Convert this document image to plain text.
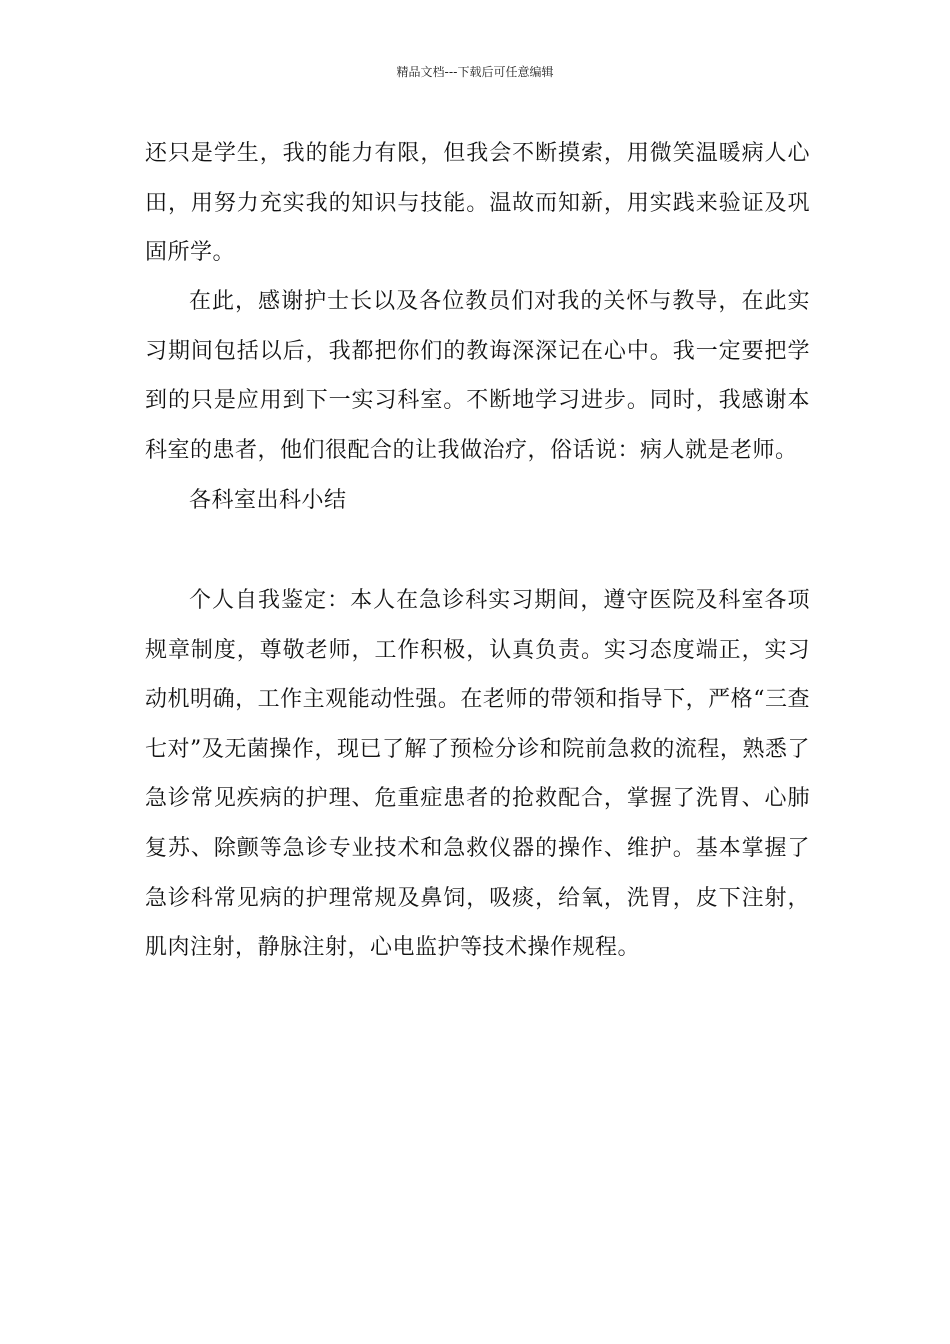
精品文档---下载后可任意编辑

还只是学生，我的能力有限，但我会不断摸索，用微笑温暖病人心田，用努力充实我的知识与技能。温故而知新，用实践来验证及巩固所学。

在此，感谢护士长以及各位教员们对我的关怀与教导，在此实习期间包括以后，我都把你们的教诲深深记在心中。我一定要把学到的只是应用到下一实习科室。不断地学习进步。同时，我感谢本科室的患者，他们很配合的让我做治疗，俗话说：病人就是老师。

各科室出科小结

个人自我鉴定：本人在急诊科实习期间，遵守医院及科室各项规章制度，尊敬老师，工作积极，认真负责。实习态度端正，实习动机明确，工作主观能动性强。在老师的带领和指导下，严格“三查七对”及无菌操作，现已了解了预检分诊和院前急救的流程，熟悉了急诊常见疾病的护理、危重症患者的抢救配合，掌握了洗胃、心肺复苏、除颤等急诊专业技术和急救仪器的操作、维护。基本掌握了急诊科常见病的护理常规及鼻饲，吸痰，给氧，洗胃，皮下注射，肌肉注射，静脉注射，心电监护等技术操作规程。
